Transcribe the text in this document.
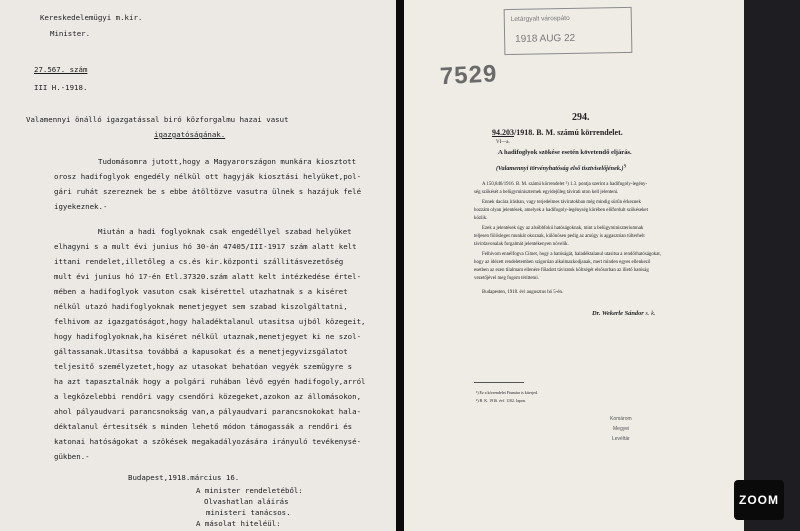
Kereskedelemügyi m.kir.
Minister.
27.567. szám
III H.-1918.
Valamennyi önálló igazgatással biró közforgalmu hazai vasut
igazgatóságának.
Tudomásomra jutott,hogy a Magyarországon munkára kiosztott
orosz hadifoglyok engedély nélkül ott hagyják kiosztási helyüket,pol-
gári ruhát szereznek be s ebbe átöltözve vasutra ülnek s hazájuk felé
igyekeznek.-
Miután a hadi foglyoknak csak engedéllyel szabad helyüket
elhagyni s a mult évi junius hó 30-án 47405/III-1917 szám alatt kelt
ittani rendelet,illetőleg a cs.és kir.központi szállitásvezetőség
mult évi junius hó 17-én Etl.37320.szám alatt kelt intézkedése értel-
mében a hadifoglyok vasuton csak kisérettel utazhatnak s a kiséret
nélkül utazó hadifoglyoknak menetjegyet sem szabad kiszolgáltatni,
felhivom az igazgatóságot,hogy haladéktalanul utasitsa ujból közegeit,
hogy hadifoglyoknak,ha kiséret nélkül utaznak,menetjegyet ki ne szol-
gáltassanak.Utasitsa továbbá a kapusokat és a menetjegyvizsgálatot
teljesitő személyzetet,hogy az utasokat behatóan vegyék szemügyre s
ha azt tapasztalnák hogy a polgári ruhában lévő egyén hadifogoly,arról
a legközelebbi rendőri vagy csendőri közegeket,azokon az állomásokon,
ahol pályaudvari parancsnokság van,a pályaudvari parancsnokokat hala-
déktalanul értesitsék s minden lehető módon támogassák a rendőri és
katonai hatóságokat a szökések megakadályozására irányuló tevékenysé-
gükben.-
Budapest,1918.március 16.
A minister rendeletéből:
Olvashatlan aláirás
ministeri tanácsos.
A másolat hiteléül:
Letárgyalt várospáto
1918 AUG 22
7529
294.
94.203/1918. B. M. számú körrendelet.
VI—a.
A hadifoglyok szökése esetén követendő eljárás.
(Valamennyi törvényhatóság első tisztviselőjének.)$^{^1)}$
A 150,846/1916. B. M. számú körrendelet ²) 1.3. pontja szerint a hadifogoly-legény-
ség szökését a belügyminiszternek egyidejűleg távirati uton kell jelenteni.
Ennek dacára irásban, vagy terjedelmes táviratokban még mindig sürűn érkeznek
hozzám olyan jelentések, amelyek a hadifogoly-legénység körében előfordult szökéseket
közlik.
Ezek a jelentések úgy az alsóbbfokú hatóságoknak, mint a belügyminiszteriumnak
teljesen fölösleges munkát okoznak, különösen pedig az amúgy is aggasztóan túlterhelt
távirdavonalak forgalmát jelentékenyen növelik.
Felhivom ennélfogva Címet, hogy a hatóságát, haladéktalanul utasitsa a rendőrhatóságokat,
hogy az idézett rendeletemben szigorúan alkalmazkodjanak, mert minden egyes ellenkező
esetben az ezen tilalmam ellenére föladott táviratok költségét elsősorban az illető hatóság
vezetőjével meg fogom téríttetni.
Budapesten, 1918. évi augusztus hó 5-én.
Dr. Wekerle Sándor s. k.
¹) Ez a körrendelet Fiumára is kiterjed.
²) B. K. 1916. évf. 1102. lapon.
Komárom
Megyei
Levéltár
ZOOM
